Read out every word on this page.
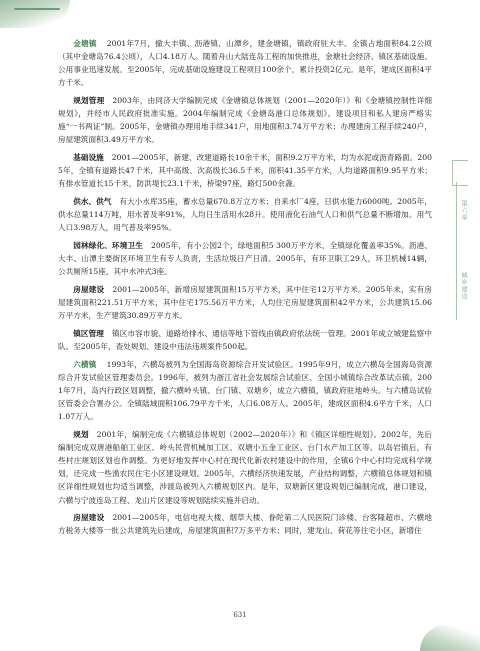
金塘镇 2001年7月，撤大丰镇、沥港镇、山潭乡，建金塘镇，镇政府驻大丰。全镇占地面积84.2公顷（其中金塘岛76.4公顷），人口4.18万人。随着舟山大陆连岛工程的加快推进，金塘社会经济、镇区基础设施、公用事业迅速发展。至2005年，完成基础设施建设工程项目100余个，累计投资2亿元。是年，建成区面积4平方千米。

规划管理 2003年，由同济大学编制完成《金塘镇总体规划（2001—2020年）》和《金塘镇控制性详细规划》，并经市人民政府批准实施。2004年编制完成《金塘岛港口总体规划》。建设项目和私人建房严格实施“一书两证”制。2005年，金塘镇办理用地手续341户，用地面积3.74万平方米；办理建房工程手续240户，房屋建筑面积3.49万平方米。

基础设施 2001—2005年，新建、改建道路长10余千米，面积9.2万平方米，均为水泥或沥青路面。2005年，全镇有道路长47千米，其中高级、次高级长36.5千米，面积41.35平方米，人均道路面积9.95平方米；有排水管道长15千米，防洪堤长23.1千米，桥梁97座，路灯500余盏。

供水、供气 有大小水库35座，蓄水总量670.8万立方米；自来水厂4座，日供水能力6000吨。2005年，供水总量114万吨，用水普及率91%，人均日生活用水28升。使用液化石油气人口和供气总量不断增加。用气人口3.98万人，用气普及率95%。

园林绿化、环境卫生 2005年，有小公园2个，绿地面积5 300万平方米，全镇绿化覆盖率35%。沥港、大丰、山潭主要街区环境卫生有专人负责，生活垃圾日产日清。2005年，有环卫职工29人，环卫机械14辆，公共厕所15座，其中水冲式3座。

房屋建设 2001—2005年，新增房屋建筑面积15万平方米，其中住宅12万平方米。2005年末，实有房屋建筑面积221.51万平方米，其中住宅175.56万平方米，人均住宅房屋建筑面积42平方米，公共建筑15.06万平方米，生产建筑30.89万平方米。

镇区管理 镇区市容市貌、道路给排水、通信等地下管线由镇政府依法统一管理。2001年成立城建监察中队。至2005年，查处规划、建设中违法违规案件500起。

六横镇 1993年，六横岛被列为全国海岛资源综合开发试验区。1995年9月，成立六横岛全国海岛资源综合开发试验区管理委员会。1996年，被列为浙江省社会发展综合试验区、全国小城镇综合改革试点镇。2001年7月，岛内行政区划调整，撤六横岭头镇、台门镇、双塘乡，成立六横镇，镇政府驻地岭头。与六横岛试验区管委会合署办公。全镇陆域面积106.79平方千米，人口6.08万人。2005年，建成区面积4.6平方千米，人口1.07万人。

规划 2001年，编制完成《六横镇总体规划（2002—2020年）》和《镇区详细性规划》。2002年，先后编制完成双唐港船舶工业区、岭头民营机械加工区、双塘小五金工业区、台门水产加工区等。以岛岩镇后，有些村庄规划区划也作调整。为更好地发挥中心村在现代化新农村建设中的作用，全镇6个中心村均完成科学规划，还完成一些渔农民住宅小区建设规划。2005年，六横经济快速发展，产业结构调整，六横镇总体规划和镇区详细性规划也均适当调整，涉渡岛被列入六横规划区内。是年，双塘新区建设规划已编制完成，港口建设，六横与宁波连岛工程、龙山片区建设等规划陆续实施并启动。

房屋建设 2001—2005年，电信电视大楼、烟草大楼、眷陀第二人民医院门诊楼、台客隆超市、六横地方税务大楼等一批公共建筑先后建成，房屋建筑面积7万多平方米；同时，建龙山、荷花等住宅小区，新增住

第六章
城乡建设
631
